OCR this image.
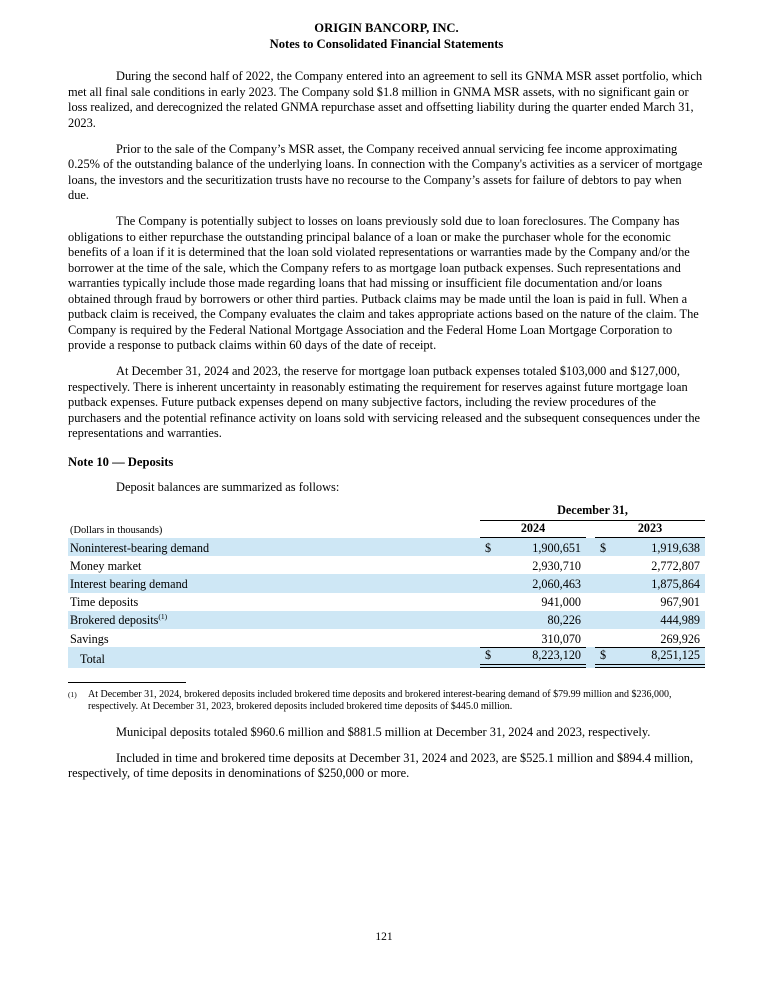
ORIGIN BANCORP, INC.
Notes to Consolidated Financial Statements

During the second half of 2022, the Company entered into an agreement to sell its GNMA MSR asset portfolio, which met all final sale conditions in early 2023. The Company sold $1.8 million in GNMA MSR assets, with no significant gain or loss realized, and derecognized the related GNMA repurchase asset and offsetting liability during the quarter ended March 31, 2023.

Prior to the sale of the Company’s MSR asset, the Company received annual servicing fee income approximating 0.25% of the outstanding balance of the underlying loans. In connection with the Company's activities as a servicer of mortgage loans, the investors and the securitization trusts have no recourse to the Company’s assets for failure of debtors to pay when due.

The Company is potentially subject to losses on loans previously sold due to loan foreclosures. The Company has obligations to either repurchase the outstanding principal balance of a loan or make the purchaser whole for the economic benefits of a loan if it is determined that the loan sold violated representations or warranties made by the Company and/or the borrower at the time of the sale, which the Company refers to as mortgage loan putback expenses. Such representations and warranties typically include those made regarding loans that had missing or insufficient file documentation and/or loans obtained through fraud by borrowers or other third parties. Putback claims may be made until the loan is paid in full. When a putback claim is received, the Company evaluates the claim and takes appropriate actions based on the nature of the claim. The Company is required by the Federal National Mortgage Association and the Federal Home Loan Mortgage Corporation to provide a response to putback claims within 60 days of the date of receipt.

At December 31, 2024 and 2023, the reserve for mortgage loan putback expenses totaled $103,000 and $127,000, respectively. There is inherent uncertainty in reasonably estimating the requirement for reserves against future mortgage loan putback expenses. Future putback expenses depend on many subjective factors, including the review procedures of the purchasers and the potential refinance activity on loans sold with servicing released and the subsequent consequences under the representations and warranties.

Note 10 — Deposits

Deposit balances are summarized as follows:

December 31,
(Dollars in thousands)	2024	2023
Noninterest-bearing demand	$	1,900,651 $	1,919,638
Money market	2,930,710	2,772,807
Interest bearing demand	2,060,463	1,875,864
Time deposits	941,000	967,901
Brokered deposits$^{(1)}$	80,226	444,989
Savings	310,070	269,926
Total	$	8,223,120 $	8,251,125
(1)	At December 31, 2024, brokered deposits included brokered time deposits and brokered interest-bearing demand of $79.99 million and $236,000, respectively. At December 31, 2023, brokered deposits included brokered time deposits of $445.0 million.

Municipal deposits totaled $960.6 million and $881.5 million at December 31, 2024 and 2023, respectively.

Included in time and brokered time deposits at December 31, 2024 and 2023, are $525.1 million and $894.4 million, respectively, of time deposits in denominations of $250,000 or more.

121
